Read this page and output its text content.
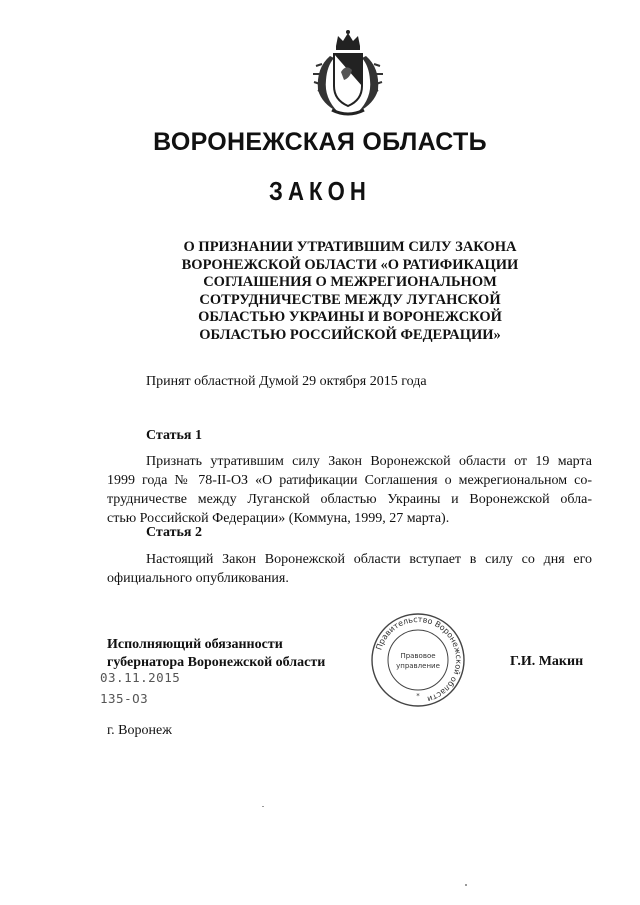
ВОРОНЕЖСКАЯ ОБЛАСТЬ
ЗАКОН
О ПРИЗНАНИИ УТРАТИВШИМ СИЛУ ЗАКОНА
ВОРОНЕЖСКОЙ ОБЛАСТИ «О РАТИФИКАЦИИ
СОГЛАШЕНИЯ О МЕЖРЕГИОНАЛЬНОМ
СОТРУДНИЧЕСТВЕ МЕЖДУ ЛУГАНСКОЙ
ОБЛАСТЬЮ УКРАИНЫ И ВОРОНЕЖСКОЙ
ОБЛАСТЬЮ РОССИЙСКОЙ ФЕДЕРАЦИИ»
Принят областной Думой 29 октября 2015 года
Статья 1
Признать утратившим силу Закон Воронежской области от 19 марта
1999 года № 78-II-ОЗ «О ратификации Соглашения о межрегиональном со-
трудничестве между Луганской областью Украины и Воронежской обла-
стью Российской Федерации» (Коммуна, 1999, 27 марта).
Статья 2
Настоящий Закон Воронежской области вступает в силу со дня его
официального опубликования.
Исполняющий обязанности
губернатора Воронежской области
03.11.2015
135-ОЗ
Правительство Воронежской области
Правовое
управление
*
Г.И. Макин
г. Воронеж
